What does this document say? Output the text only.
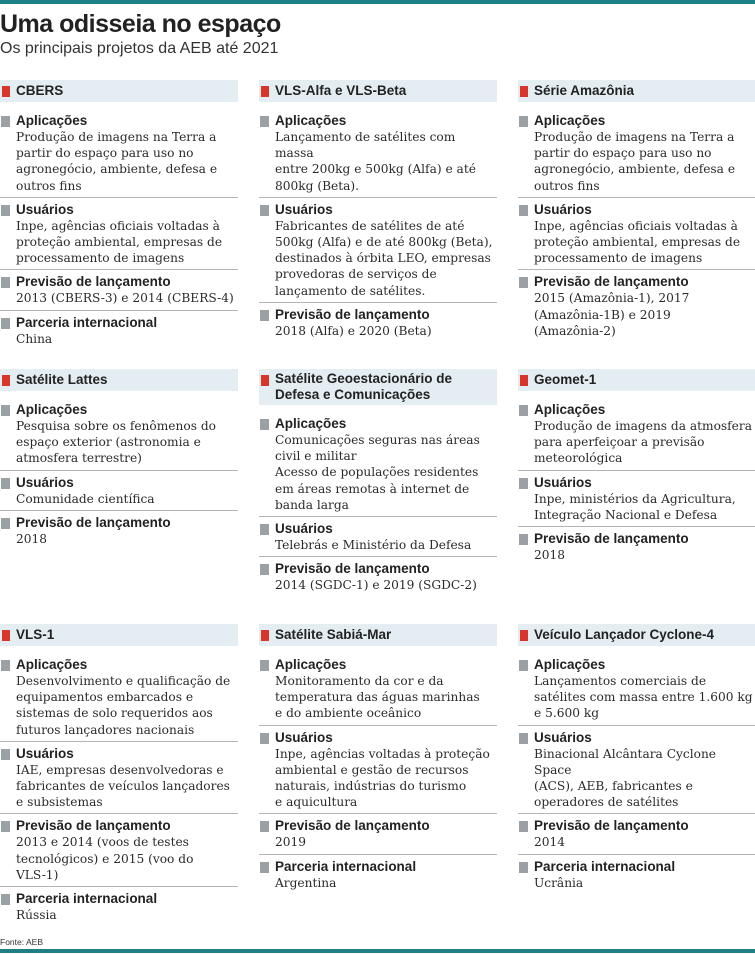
Uma odisseia no espaço
Os principais projetos da AEB até 2021
CBERS
Aplicações
Produção de imagens na Terra a
partir do espaço para uso no
agronegócio, ambiente, defesa e
outros fins
Usuários
Inpe, agências oficiais voltadas à
proteção ambiental, empresas de
processamento de imagens
Previsão de lançamento
2013 (CBERS-3) e 2014 (CBERS-4)
Parceria internacional
China
VLS-Alfa e VLS-Beta
Aplicações
Lançamento de satélites com massa
entre 200kg e 500kg (Alfa) e até
800kg (Beta).
Usuários
Fabricantes de satélites de até
500kg (Alfa) e de até 800kg (Beta),
destinados à órbita LEO, empresas
provedoras de serviços de
lançamento de satélites.
Previsão de lançamento
2018 (Alfa) e 2020 (Beta)
Série Amazônia
Aplicações
Produção de imagens na Terra a
partir do espaço para uso no
agronegócio, ambiente, defesa e
outros fins
Usuários
Inpe, agências oficiais voltadas à
proteção ambiental, empresas de
processamento de imagens
Previsão de lançamento
2015 (Amazônia-1), 2017
(Amazônia-1B) e 2019
(Amazônia-2)
Satélite Lattes
Aplicações
Pesquisa sobre os fenômenos do
espaço exterior (astronomia e
atmosfera terrestre)
Usuários
Comunidade científica
Previsão de lançamento
2018
Satélite Geoestacionário de
Defesa e Comunicações
Aplicações
Comunicações seguras nas áreas
civil e militar
Acesso de populações residentes
em áreas remotas à internet de
banda larga
Usuários
Telebrás e Ministério da Defesa
Previsão de lançamento
2014 (SGDC-1) e 2019 (SGDC-2)
Geomet-1
Aplicações
Produção de imagens da atmosfera
para aperfeiçoar a previsão
meteorológica
Usuários
Inpe, ministérios da Agricultura,
Integração Nacional e Defesa
Previsão de lançamento
2018
VLS-1
Aplicações
Desenvolvimento e qualificação de
equipamentos embarcados e
sistemas de solo requeridos aos
futuros lançadores nacionais
Usuários
IAE, empresas desenvolvedoras e
fabricantes de veículos lançadores
e subsistemas
Previsão de lançamento
2013 e 2014 (voos de testes
tecnológicos) e 2015 (voo do
VLS-1)
Parceria internacional
Rússia
Satélite Sabiá-Mar
Aplicações
Monitoramento da cor e da
temperatura das águas marinhas
e do ambiente oceânico
Usuários
Inpe, agências voltadas à proteção
ambiental e gestão de recursos
naturais, indústrias do turismo
e aquicultura
Previsão de lançamento
2019
Parceria internacional
Argentina
Veículo Lançador Cyclone-4
Aplicações
Lançamentos comerciais de
satélites com massa entre 1.600 kg
e 5.600 kg
Usuários
Binacional Alcântara Cyclone Space
(ACS), AEB, fabricantes e
operadores de satélites
Previsão de lançamento
2014
Parceria internacional
Ucrânia
Fonte: AEB
